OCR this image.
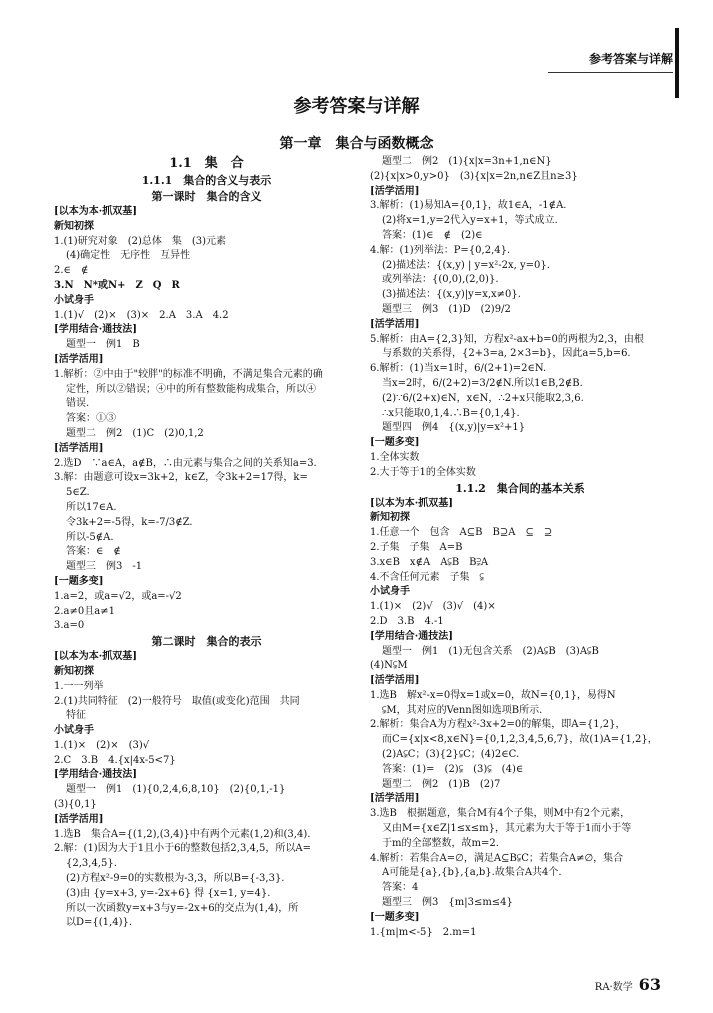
参考答案与详解
参考答案与详解
第一章　集合与函数概念
1.1　集　合
1.1.1　集合的含义与表示
第一课时　集合的含义
[以本为本·抓双基]
新知初探
1.(1)研究对象　(2)总体　集　(3)元素
(4)确定性　无序性　互异性
2.∈　∉
3.N　N*或N+　Z　Q　R
小试身手
1.(1)√　(2)×　(3)×　2.A　3.A　4.2
[学用结合·通技法]
题型一　例1　B
[活学活用]
1.解析：②中由于"较胖"的标准不明确，不满足集合元素的确
定性，所以②错误；④中的所有整数能构成集合，所以④
错误.
答案：①③
题型二　例2　(1)C　(2)0,1,2
[活学活用]
2.选D　∵a∈A，a∉B，∴由元素与集合之间的关系知a=3.
3.解：由题意可设x=3k+2，k∈Z，令3k+2=17得，k=
5∈Z.
所以17∈A.
令3k+2=-5得，k=-7/3∉Z.
所以-5∉A.
答案：∈　∉
题型三　例3　-1
[一题多变]
1.a=2，或a=√2，或a=-√2
2.a≠0且a≠1
3.a=0
第二课时　集合的表示
[以本为本·抓双基]
新知初探
1.一一列举
2.(1)共同特征　(2)一般符号　取值(或变化)范围　共同
特征
小试身手
1.(1)×　(2)×　(3)√
2.C　3.B　4.{x|4x-5<7}
[学用结合·通技法]
题型一　例1　(1){0,2,4,6,8,10}　(2){0,1,-1}
(3){0,1}
[活学活用]
1.选B　集合A={(1,2),(3,4)}中有两个元素(1,2)和(3,4).
2.解：(1)因为大于1且小于6的整数包括2,3,4,5，所以A=
{2,3,4,5}.
(2)方程x²-9=0的实数根为-3,3，所以B={-3,3}.
(3)由 {y=x+3, y=-2x+6} 得 {x=1, y=4}.
所以一次函数y=x+3与y=-2x+6的交点为(1,4)，所
以D={(1,4)}.
题型二　例2　(1){x|x=3n+1,n∈N}
(2){x|x>0,y>0}　(3){x|x=2n,n∈Z且n≥3}
[活学活用]
3.解析：(1)易知A={0,1}，故1∈A，-1∉A.
(2)将x=1,y=2代入y=x+1，等式成立.
答案：(1)∈　∉　(2)∈
4.解：(1)列举法：P={0,2,4}.
(2)描述法：{(x,y) | y=x²-2x, y=0}.
或列举法：{(0,0),(2,0)}.
(3)描述法：{(x,y)|y=x,x≠0}.
题型三　例3　(1)D　(2)9/2
[活学活用]
5.解析：由A={2,3}知，方程x²-ax+b=0的两根为2,3，由根
与系数的关系得，{2+3=a, 2×3=b}，因此a=5,b=6.
6.解析：(1)当x=1时，6/(2+1)=2∈N.
当x=2时，6/(2+2)=3/2∉N.所以1∈B,2∉B.
(2)∵6/(2+x)∈N，x∈N，∴2+x只能取2,3,6.
∴x只能取0,1,4.∴B={0,1,4}.
题型四　例4　{(x,y)|y=x²+1}
[一题多变]
1.全体实数
2.大于等于1的全体实数
1.1.2　集合间的基本关系
[以本为本·抓双基]
新知初探
1.任意一个　包含　A⊆B　B⊇A　⊆　⊇
2.子集　子集　A=B
3.x∈B　x∉A　A⫋B　B⫌A
4.不含任何元素　子集　⫋
小试身手
1.(1)×　(2)√　(3)√　(4)×
2.D　3.B　4.-1
[学用结合·通技法]
题型一　例1　(1)无包含关系　(2)A⫋B　(3)A⫋B
(4)N⫋M
[活学活用]
1.选B　解x²-x=0得x=1或x=0，故N={0,1}，易得N
⫋M，其对应的Venn图如选项B所示.
2.解析：集合A为方程x²-3x+2=0的解集，即A={1,2}，
而C={x|x<8,x∈N}={0,1,2,3,4,5,6,7}，故(1)A={1,2}，
(2)A⫋C；(3){2}⫋C；(4)2∈C.
答案：(1)=　(2)⫋　(3)⫋　(4)∈
题型二　例2　(1)B　(2)7
[活学活用]
3.选B　根据题意，集合M有4个子集，则M中有2个元素，
又由M={x∈Z|1≤x≤m}，其元素为大于等于1而小于等
于m的全部整数，故m=2.
4.解析：若集合A=∅，满足A⊆B⫋C；若集合A≠∅，集合
A可能是{a},{b},{a,b}.故集合A共4个.
答案：4
题型三　例3　{m|3≤m≤4}
[一题多变]
1.{m|m<-5}　2.m=1
RA·数学 63
